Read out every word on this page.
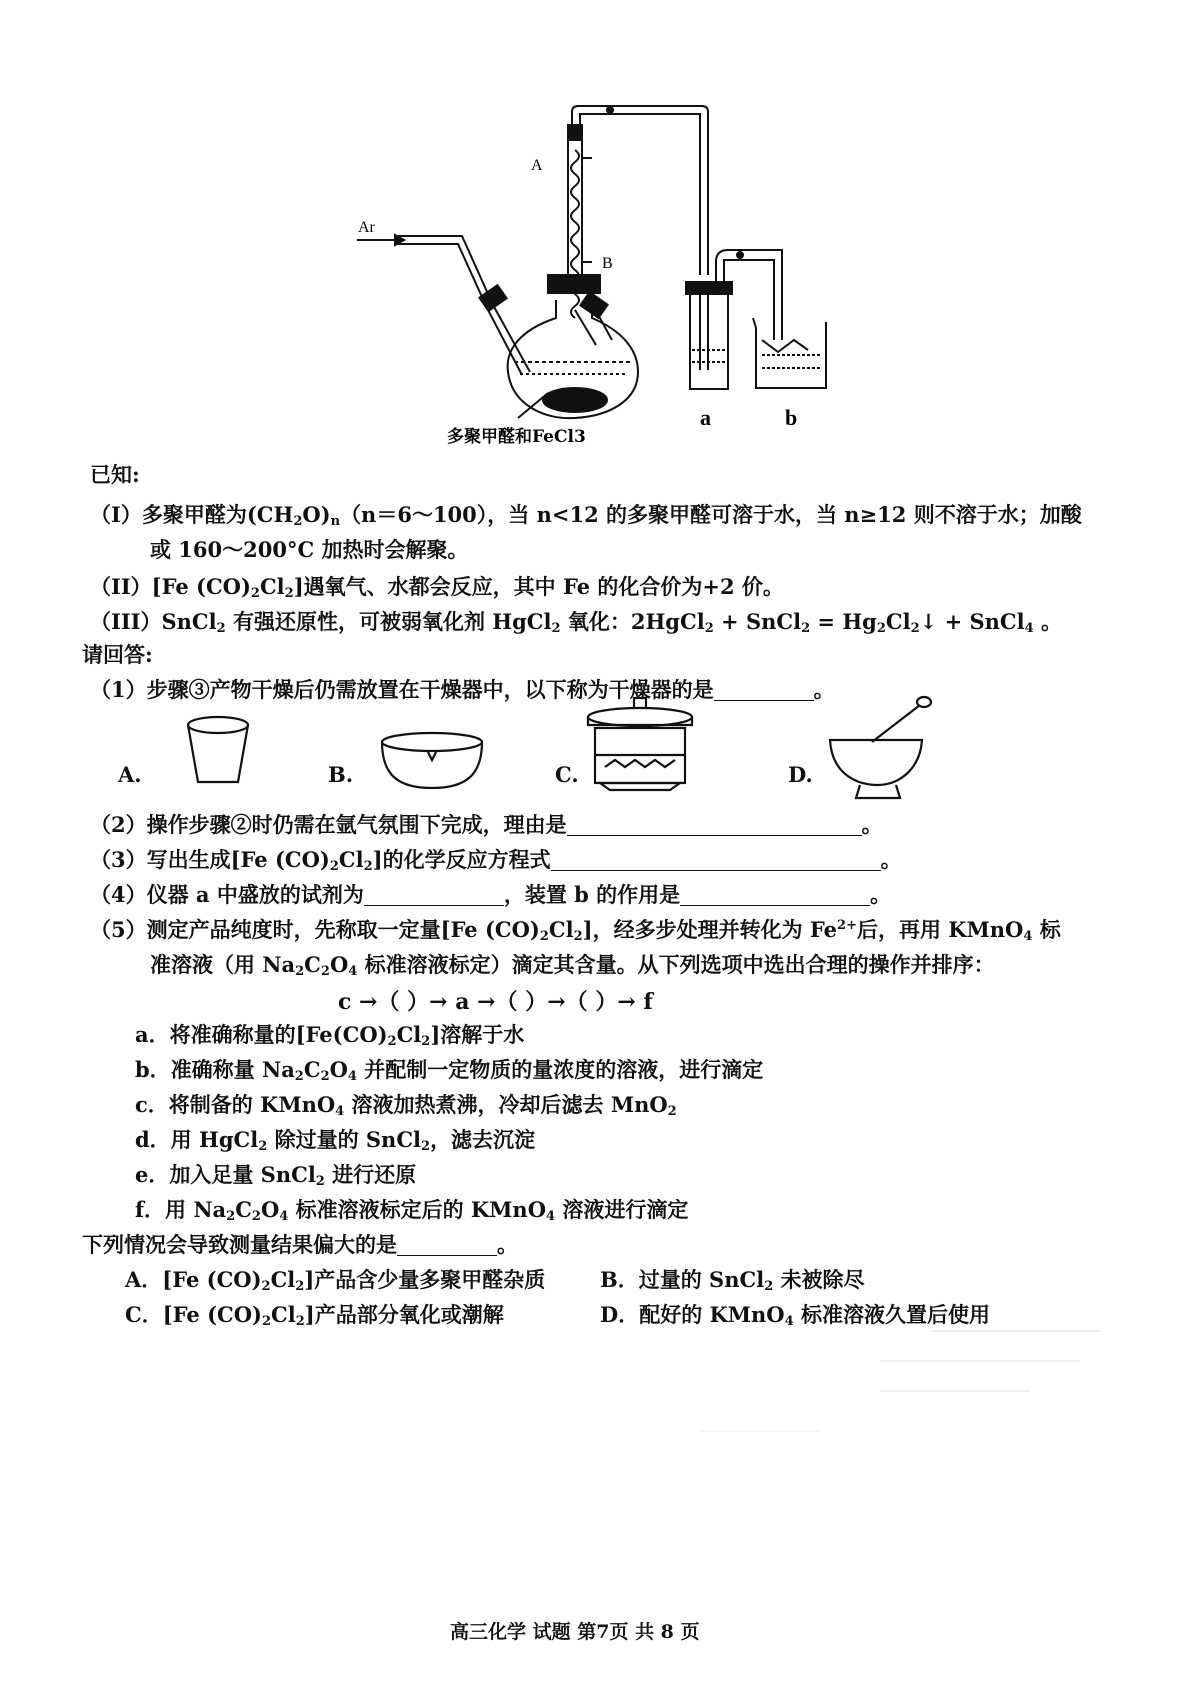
Ar
A
B
多聚甲醛和FeCl3
a	b
已知:
（I）多聚甲醛为$(CH_2O)_n(n=6\sim 100)$，当 n<12 的多聚甲醛可溶于水，当 n≥12 则不溶于水；加酸
或 160～200°C 加热时会解聚。
（II）[Fe $(CO)_2Cl_2$]遇氧气、水都会反应，其中 Fe 的化合价为+2 价。
（III）SnCl$_2$ 有强还原性，可被弱氧化剂 HgCl$_2$ 氧化：2HgCl$_2$ + SnCl$_2$ = $Hg_2Cl_2↓$ + SnCl$_4$ 。
请回答:
（1）步骤③产物干燥后仍需放置在干燥器中，以下称为干燥器的是	。
A.	B.	C.	D.
（2）操作步骤②时仍需在氩气氛围下完成，理由是	。
（3）写出生成[Fe $(CO)_2Cl_2$]的化学反应方程式	。
（4）仪器 a 中盛放的试剂为	，装置 b 的作用是	。
（5）测定产品纯度时，先称取一定量[Fe $(CO)_2Cl_2$]，经多步处理并转化为 $Fe^{2+}$后，再用 KMnO$_4$ 标
准溶液（用 $Na_2C_2O_4$ 标准溶液标定）滴定其含量。从下列选项中选出合理的操作并排序：
c →（ ）→ a →（ ）→（ ）→ f
a．将准确称量的$[Fe(CO)_2Cl_2]$溶解于水
b．准确称量 $Na_2C_2O_4$ 并配制一定物质的量浓度的溶液，进行滴定
c．将制备的 KMnO$_4$ 溶液加热煮沸，冷却后滤去 MnO$_2$
d．用 HgCl$_2$ 除过量的 SnCl$_2$，滤去沉淀
e．加入足量 SnCl$_2$ 进行还原
f．用 $Na_2C_2O_4$ 标准溶液标定后的 KMnO$_4$ 溶液进行滴定
下列情况会导致测量结果偏大的是	。
A．[Fe $(CO)_2Cl_2$]产品含少量多聚甲醛杂质	B．过量的 SnCl$_2$ 未被除尽
C．[Fe $(CO)_2Cl_2$]产品部分氧化或潮解	D．配好的 KMnO$_4$ 标准溶液久置后使用
高三化学 试题 第7页 共 8 页
